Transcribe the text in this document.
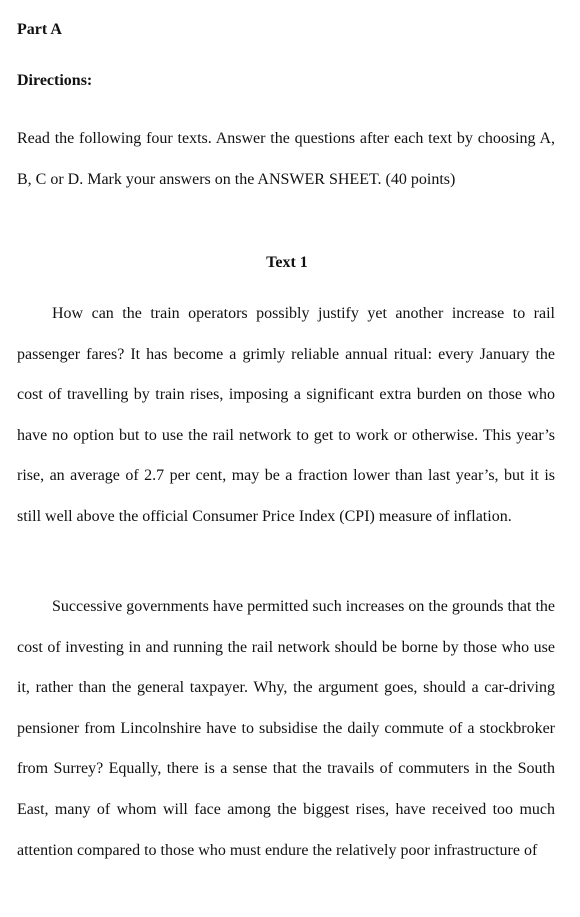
Part A
Directions:

Read the following four texts. Answer the questions after each text by choosing A, B, C or D. Mark your answers on the ANSWER SHEET. (40 points)

Text 1

How can the train operators possibly justify yet another increase to rail passenger fares? It has become a grimly reliable annual ritual: every January the cost of travelling by train rises, imposing a significant extra burden on those who have no option but to use the rail network to get to work or otherwise. This year’s rise, an average of 2.7 per cent, may be a fraction lower than last year’s, but it is still well above the official Consumer Price Index (CPI) measure of inflation.

Successive governments have permitted such increases on the grounds that the cost of investing in and running the rail network should be borne by those who use it, rather than the general taxpayer. Why, the argument goes, should a car-driving pensioner from Lincolnshire have to subsidise the daily commute of a stockbroker from Surrey? Equally, there is a sense that the travails of commuters in the South East, many of whom will face among the biggest rises, have received too much attention compared to those who must endure the relatively poor infrastructure of
